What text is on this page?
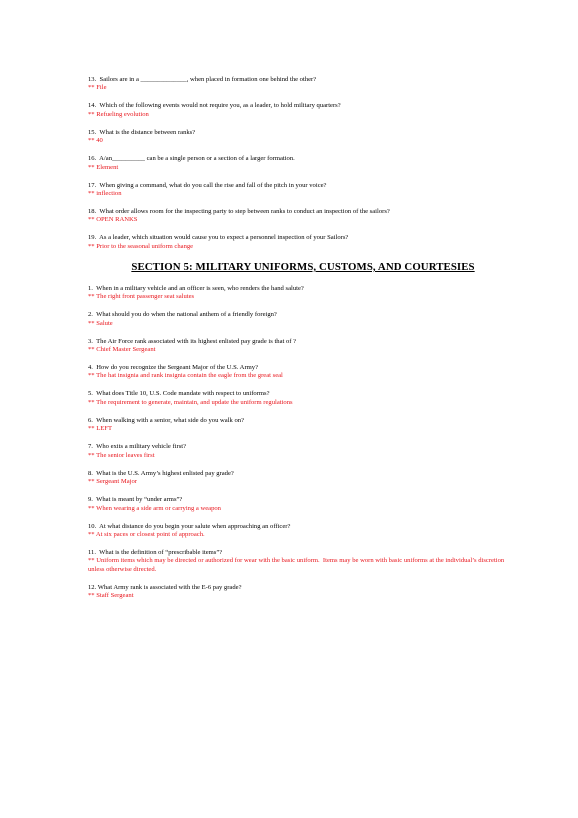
13.  Sailors are in a ______________, when placed in formation one behind the other?

** File

14.  Which of the following events would not require you, as a leader, to hold military quarters?

** Refueling evolution

15.  What is the distance between ranks?

** 40

16.  A/an__________ can be a single person or a section of a larger formation.

** Element

17.  When giving a command, what do you call the rise and fall of the pitch in your voice?

** inflection

18.  What order allows room for the inspecting party to step between ranks to conduct an inspection of the sailors?

** OPEN RANKS

19.  As a leader, which situation would cause you to expect a personnel inspection of your Sailors?

** Prior to the seasonal uniform change

SECTION 5: MILITARY UNIFORMS, CUSTOMS, AND COURTESIES

1.  When in a military vehicle and an officer is seen, who renders the hand salute?

** The right front passenger seat salutes

2.  What should you do when the national anthem of a friendly foreign?

** Salute

3.  The Air Force rank associated with its highest enlisted pay grade is that of ?

** Chief Master Sergeant

4.  How do you recognize the Sergeant Major of the U.S. Army?

** The hat insignia and rank insignia contain the eagle from the great seal

5.  What does Title 10, U.S. Code mandate with respect to uniforms?

** The requirement to generate, maintain, and update the uniform regulations

6.  When walking with a senior, what side do you walk on?

** LEFT

7.  Who exits a military vehicle first?

** The senior leaves first

8.  What is the U.S. Army’s highest enlisted pay grade?

** Sergeant Major

9.  What is meant by “under arms”?

** When wearing a side arm or carrying a weapon

10.  At what distance do you begin your salute when approaching an officer?

** At six paces or closest point of approach.

11.  What is the definition of “prescribable items”?

** Uniform items which may be directed or authorized for wear with the basic uniform.  Items may be worn with basic uniforms at the individual’s discretion unless otherwise directed.

12. What Army rank is associated with the E-6 pay grade?

** Staff Sergeant
